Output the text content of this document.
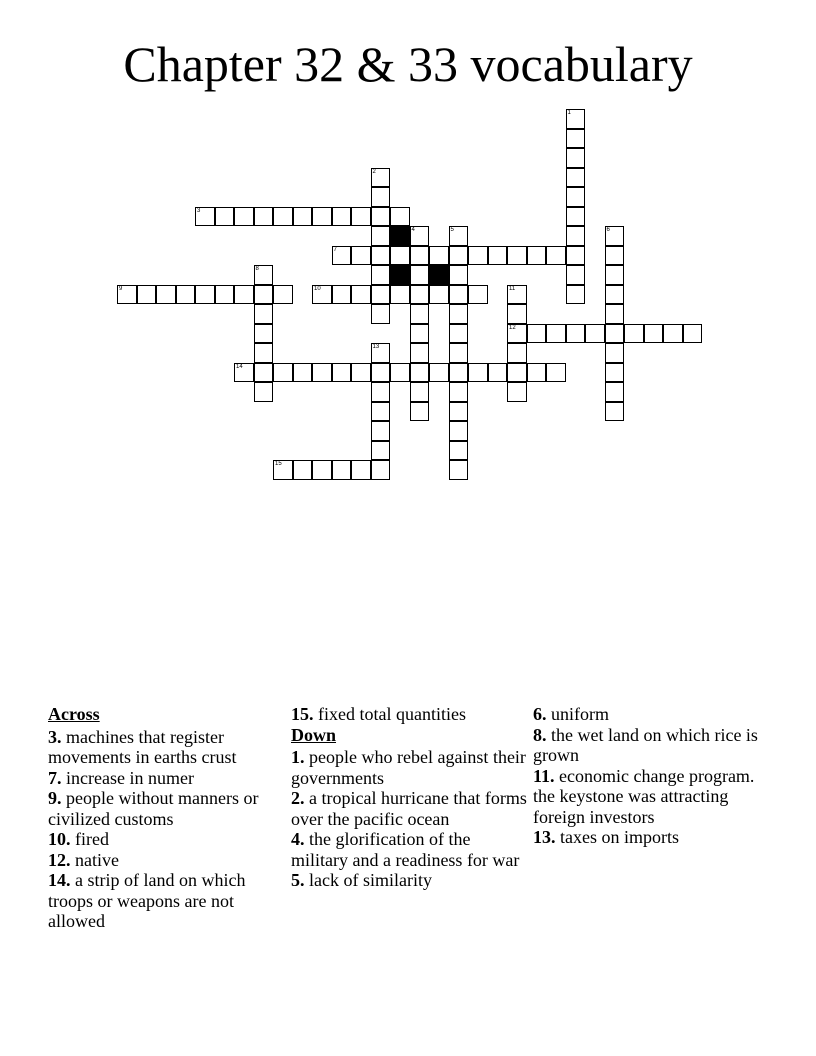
Chapter 32 & 33 vocabulary
1
2
3
4	5	6
7
8
9	10	11
12
13
14
15
Across
3. machines that register movements in earths crust
7. increase in numer
9. people without manners or civilized customs
10. fired
12. native
14. a strip of land on which troops or weapons are not allowed
15. fixed total quantities
Down
1. people who rebel against their governments
2. a tropical hurricane that forms over the pacific ocean
4. the glorification of the military and a readiness for war
5. lack of similarity
6. uniform
8. the wet land on which rice is grown
11. economic change program. the keystone was attracting foreign investors
13. taxes on imports
